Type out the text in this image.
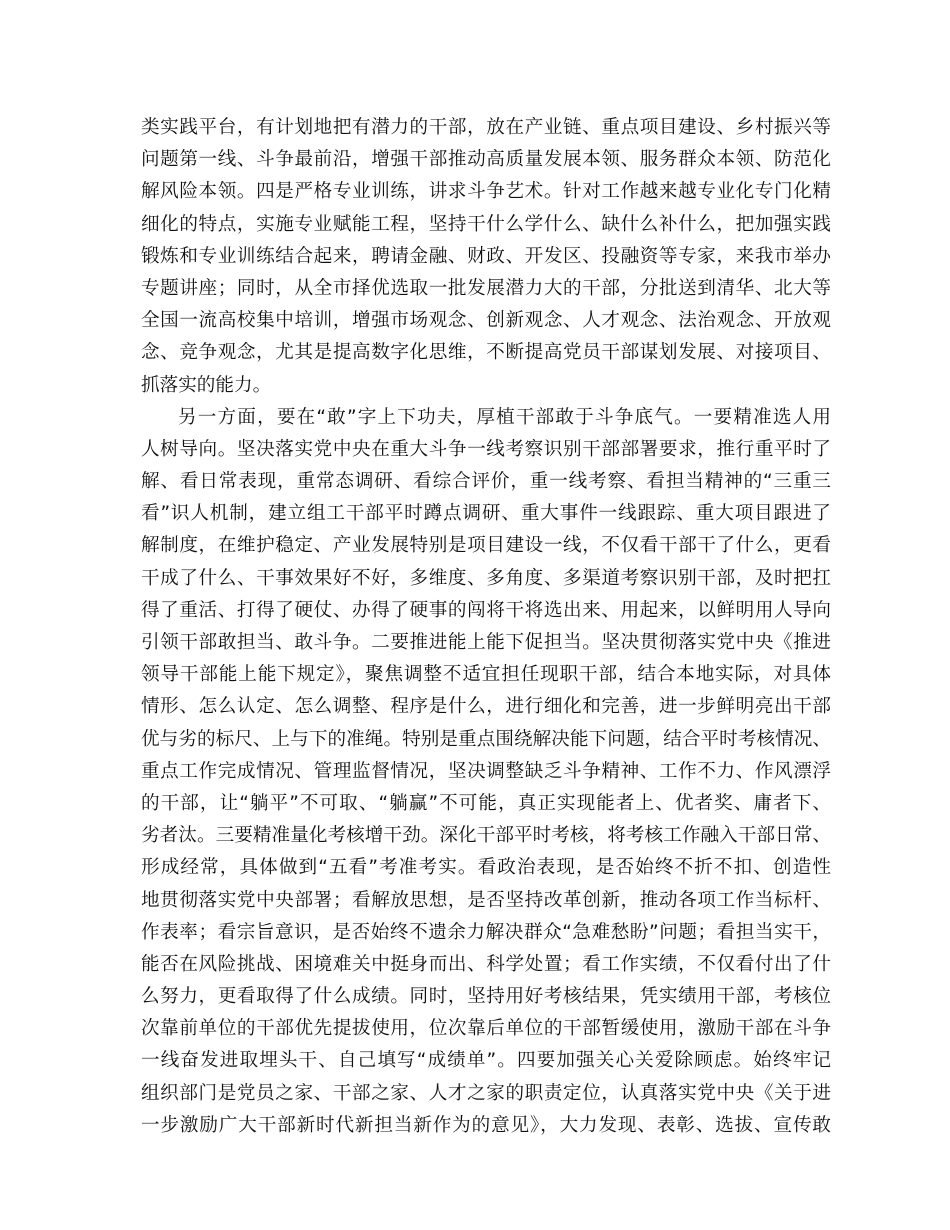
类实践平台，有计划地把有潜力的干部，放在产业链、重点项目建设、乡村振兴等
问题第一线、斗争最前沿，增强干部推动高质量发展本领、服务群众本领、防范化
解风险本领。四是严格专业训练，讲求斗争艺术。针对工作越来越专业化专门化精
细化的特点，实施专业赋能工程，坚持干什么学什么、缺什么补什么，把加强实践
锻炼和专业训练结合起来，聘请金融、财政、开发区、投融资等专家，来我市举办
专题讲座；同时，从全市择优选取一批发展潜力大的干部，分批送到清华、北大等
全国一流高校集中培训，增强市场观念、创新观念、人才观念、法治观念、开放观
念、竞争观念，尤其是提高数字化思维，不断提高党员干部谋划发展、对接项目、
抓落实的能力。
另一方面，要在“敢”字上下功夫，厚植干部敢于斗争底气。一要精准选人用
人树导向。坚决落实党中央在重大斗争一线考察识别干部部署要求，推行重平时了
解、看日常表现，重常态调研、看综合评价，重一线考察、看担当精神的“三重三
看”识人机制，建立组工干部平时蹲点调研、重大事件一线跟踪、重大项目跟进了
解制度，在维护稳定、产业发展特别是项目建设一线，不仅看干部干了什么，更看
干成了什么、干事效果好不好，多维度、多角度、多渠道考察识别干部，及时把扛
得了重活、打得了硬仗、办得了硬事的闯将干将选出来、用起来，以鲜明用人导向
引领干部敢担当、敢斗争。二要推进能上能下促担当。坚决贯彻落实党中央《推进
领导干部能上能下规定》，聚焦调整不适宜担任现职干部，结合本地实际，对具体
情形、怎么认定、怎么调整、程序是什么，进行细化和完善，进一步鲜明亮出干部
优与劣的标尺、上与下的准绳。特别是重点围绕解决能下问题，结合平时考核情况、
重点工作完成情况、管理监督情况，坚决调整缺乏斗争精神、工作不力、作风漂浮
的干部，让“躺平”不可取、“躺赢”不可能，真正实现能者上、优者奖、庸者下、
劣者汰。三要精准量化考核增干劲。深化干部平时考核，将考核工作融入干部日常、
形成经常，具体做到“五看”考准考实。看政治表现，是否始终不折不扣、创造性
地贯彻落实党中央部署；看解放思想，是否坚持改革创新，推动各项工作当标杆、
作表率；看宗旨意识，是否始终不遗余力解决群众“急难愁盼”问题；看担当实干，
能否在风险挑战、困境难关中挺身而出、科学处置；看工作实绩，不仅看付出了什
么努力，更看取得了什么成绩。同时，坚持用好考核结果，凭实绩用干部，考核位
次靠前单位的干部优先提拔使用，位次靠后单位的干部暂缓使用，激励干部在斗争
一线奋发进取埋头干、自己填写“成绩单”。四要加强关心关爱除顾虑。始终牢记
组织部门是党员之家、干部之家、人才之家的职责定位，认真落实党中央《关于进
一步激励广大干部新时代新担当新作为的意见》，大力发现、表彰、选拔、宣传敢
